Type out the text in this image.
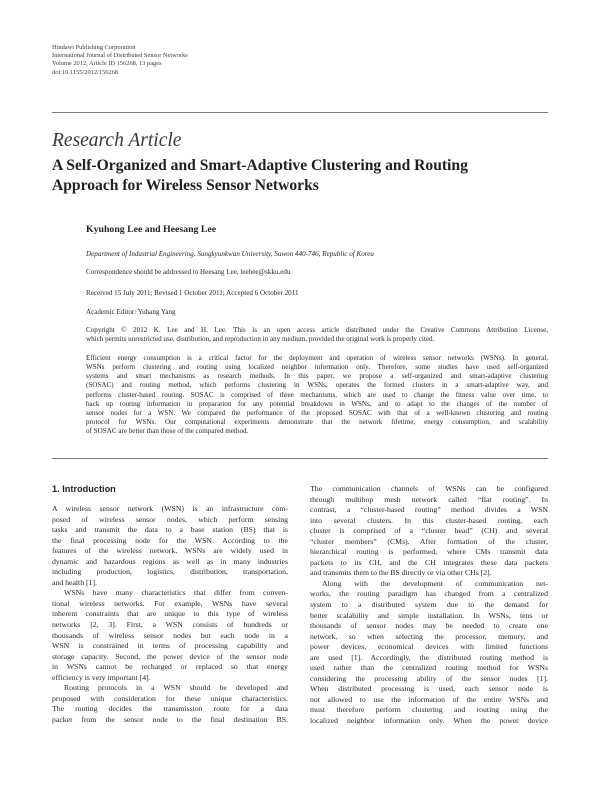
Hindawi Publishing Corporation
International Journal of Distributed Sensor Networks
Volume 2012, Article ID 156268, 13 pages
doi:10.1155/2012/156268
Research Article
A Self-Organized and Smart-Adaptive Clustering and Routing
Approach for Wireless Sensor Networks
Kyuhong Lee and Heesang Lee
Department of Industrial Engineering, Sungkyunkwan University, Suwon 440-746, Republic of Korea
Correspondence should be addressed to Heesang Lee, leehee@skku.edu
Received 15 July 2011; Revised 1 October 2011; Accepted 6 October 2011
Academic Editor: Yuhang Yang
Copyright © 2012 K. Lee and H. Lee. This is an open access article distributed under the Creative Commons Attribution License,
which permits unrestricted use, distribution, and reproduction in any medium, provided the original work is properly cited.
Efficient energy consumption is a critical factor for the deployment and operation of wireless sensor networks (WSNs). In general,
WSNs perform clustering and routing using localized neighbor information only. Therefore, some studies have used self-organized
systems and smart mechanisms as research methods. In this paper, we propose a self-organized and smart-adaptive clustering
(SOSAC) and routing method, which performs clustering in WSNs, operates the formed clusters in a smart-adaptive way, and
performs cluster-based routing. SOSAC is comprised of three mechanisms, which are used to change the fitness value over time, to
back up routing information in preparation for any potential breakdown in WSNs, and to adapt to the changes of the number of
sensor nodes for a WSN. We compared the performance of the proposed SOSAC with that of a well-known clustering and routing
protocol for WSNs. Our computational experiments demonstrate that the network lifetime, energy consumption, and scalability
of SOSAC are better than those of the compared method.
1. Introduction
A wireless sensor network (WSN) is an infrastructure com-
posed of wireless sensor nodes, which perform sensing
tasks and transmit the data to a base station (BS) that is
the final processing node for the WSN. According to the
features of the wireless network, WSNs are widely used in
dynamic and hazardous regions as well as in many industries
including production, logistics, distribution, transportation,
and health [1].
WSNs have many characteristics that differ from conven-
tional wireless networks. For example, WSNs have several
inherent constraints that are unique to this type of wireless
networks [2, 3]. First, a WSN consists of hundreds or
thousands of wireless sensor nodes but each node in a
WSN is constrained in terms of processing capability and
storage capacity. Second, the power device of the sensor node
in WSNs cannot be recharged or replaced so that energy
efficiency is very important [4].
Routing protocols in a WSN should be developed and
proposed with consideration for these unique characteristics.
The routing decides the transmission route for a data
packet from the sensor node to the final destination BS.
The communication channels of WSNs can be configured
through multihop mesh network called “flat routing”. In
contrast, a “cluster-based routing” method divides a WSN
into several clusters. In this cluster-based routing, each
cluster is comprised of a “cluster head” (CH) and several
“cluster members” (CMs). After formation of the cluster,
hierarchical routing is performed, where CMs transmit data
packets to its CH, and the CH integrates these data packets
and transmits them to the BS directly or via other CHs [2].
Along with the development of communication net-
works, the routing paradigm has changed from a centralized
system to a distributed system due to the demand for
better scalability and simple installation. In WSNs, tens or
thousands of sensor nodes may be needed to create one
network, so when selecting the processor, memory, and
power devices, economical devices with limited functions
are used [1]. Accordingly, the distributed routing method is
used rather than the centralized routing method for WSNs
considering the processing ability of the sensor nodes [1].
When distributed processing is used, each sensor node is
not allowed to use the information of the entire WSNs and
must therefore perform clustering and routing using the
localized neighbor information only. When the power device
